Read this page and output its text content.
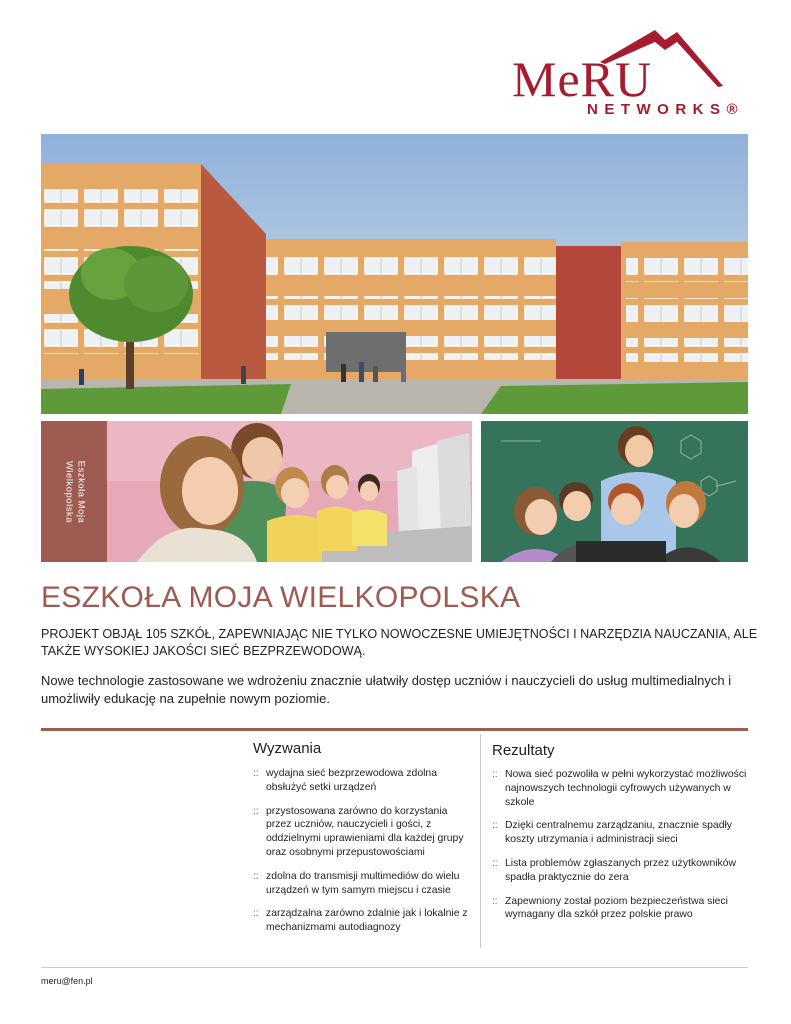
MeRU
NETWORKS®
Eszkoła Moja
Wielkopolska
ESZKOŁA MOJA WIELKOPOLSKA
PROJEKT OBJĄŁ 105 SZKÓŁ, ZAPEWNIAJĄC NIE TYLKO NOWOCZESNE UMIEJĘTNOŚCI I NARZĘDZIA NAUCZANIA, ALE TAKŻE WYSOKIEJ JAKOŚCI SIEĆ BEZPRZEWODOWĄ.
Nowe technologie zastosowane we wdrożeniu znacznie ułatwiły dostęp uczniów i nauczycieli do usług multimedialnych i umożliwiły edukację na zupełnie nowym poziomie.
Wyzwania	Rezultaty
:: wydajna sieć bezprzewodowa zdolna obsłużyć setki urządzeń
:: przystosowana zarówno do korzystania przez uczniów, nauczycieli i gości, z oddzielnymi uprawieniami dla każdej grupy oraz osobnymi przepustowościami
:: zdolna do transmisji multimediów do wielu urządzeń w tym samym miejscu i czasie
:: zarządzalna zarówno zdalnie jak i lokalnie z mechanizmami autodiagnozy
:: Nowa sieć pozwoliła w pełni wykorzystać możliwości najnowszych technologii cyfrowych używanych w szkole
:: Dzięki centralnemu zarządzaniu, znacznie spadły koszty utrzymania i administracji sieci
:: Lista problemów zgłaszanych przez użytkowników spadła praktycznie do zera
:: Zapewniony został poziom bezpieczeństwa sieci wymagany dla szkół przez polskie prawo
meru@fen.pl
